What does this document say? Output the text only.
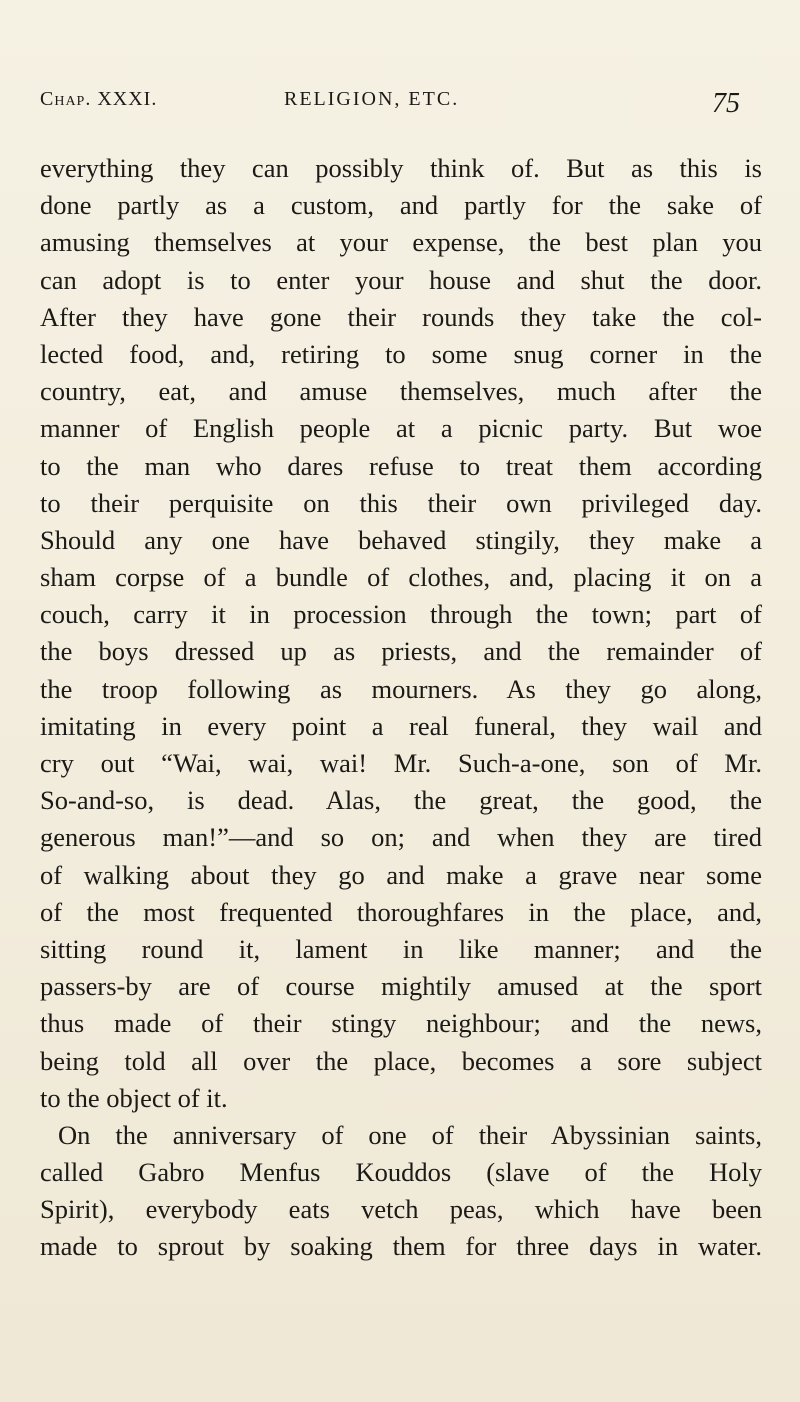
Chap. XXXI.	RELIGION, ETC.	75
everything they can possibly think of. But as this is
done partly as a custom, and partly for the sake of
amusing themselves at your expense, the best plan you
can adopt is to enter your house and shut the door.
After they have gone their rounds they take the col-
lected food, and, retiring to some snug corner in the
country, eat, and amuse themselves, much after the
manner of English people at a picnic party. But woe
to the man who dares refuse to treat them according
to their perquisite on this their own privileged day.
Should any one have behaved stingily, they make a
sham corpse of a bundle of clothes, and, placing it on a
couch, carry it in procession through the town; part of
the boys dressed up as priests, and the remainder of
the troop following as mourners. As they go along,
imitating in every point a real funeral, they wail and
cry out “Wai, wai, wai! Mr. Such-a-one, son of Mr.
So-and-so, is dead. Alas, the great, the good, the
generous man!”—and so on; and when they are tired
of walking about they go and make a grave near some
of the most frequented thoroughfares in the place, and,
sitting round it, lament in like manner; and the
passers-by are of course mightily amused at the sport
thus made of their stingy neighbour; and the news,
being told all over the place, becomes a sore subject
to the object of it.
On the anniversary of one of their Abyssinian saints,
called Gabro Menfus Kouddos (slave of the Holy
Spirit), everybody eats vetch peas, which have been
made to sprout by soaking them for three days in water.
